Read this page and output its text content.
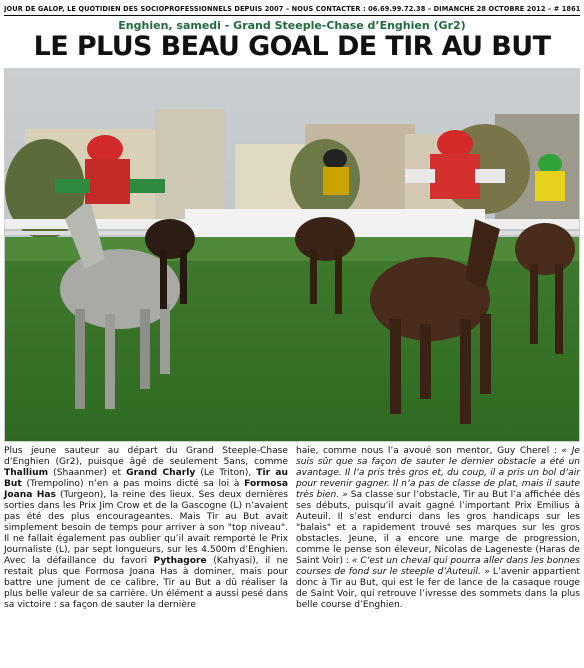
JOUR DE GALOP, LE QUOTIDIEN DES SOCIOPROFESSIONNELS DEPUIS 2007 – NOUS CONTACTER : 06.69.99.72.38 – DIMANCHE 28 OCTOBRE 2012 – # 1861
Enghien, samedi - Grand Steeple-Chase d’Enghien (Gr2)
LE PLUS BEAU GOAL DE TIR AU BUT

Plus jeune sauteur au départ du Grand Steeple-Chase d’Enghien (Gr2), puisque âgé de seulement 5ans, comme Thallium (Shaanmer) et Grand Charly (Le Triton), Tir au But (Trempolino) n’en a pas moins dicté sa loi à Formosa Joana Has (Turgeon), la reine des lieux. Ses deux dernières sorties dans les Prix Jim Crow et de la Gascogne (L) n’avaient pas été des plus encourageantes. Mais Tir au But avait simplement besoin de temps pour arriver à son "top niveau". Il ne fallait également pas oublier qu’il avait remporté le Prix Journaliste (L), par sept longueurs, sur les 4.500m d’Enghien. Avec la défaillance du favori Pythagore (Kahyasi), il ne restait plus que Formosa Joana Has à dominer, mais pour battre une jument de ce calibre, Tir au But a dû réaliser la plus belle valeur de sa carrière. Un élément a aussi pesé dans sa victoire : sa façon de sauter la dernière

haie, comme nous l’a avoué son mentor, Guy Cherel : « Je suis sûr que sa façon de sauter le dernier obstacle a été un avantage. Il l’a pris très gros et, du coup, il a pris un bol d’air pour revenir gagner. Il n’a pas de classe de plat, mais il saute très bien. » Sa classe sur l’obstacle, Tir au But l’a affichée dès ses débuts, puisqu’il avait gagné l’important Prix Emilius à Auteuil. Il s’est endurci dans les gros handicaps sur les "balais" et a rapidement trouvé ses marques sur les gros obstacles. Jeune, il a encore une marge de progression, comme le pense son éleveur, Nicolas de Lageneste (Haras de Saint Voir) : « C’est un cheval qui pourra aller dans les bonnes courses de fond sur le steeple d’Auteuil. » L’avenir appartient donc à Tir au But, qui est le fer de lance de la casaque rouge de Saint Voir, qui retrouve l’ivresse des sommets dans la plus belle course d’Enghien.
